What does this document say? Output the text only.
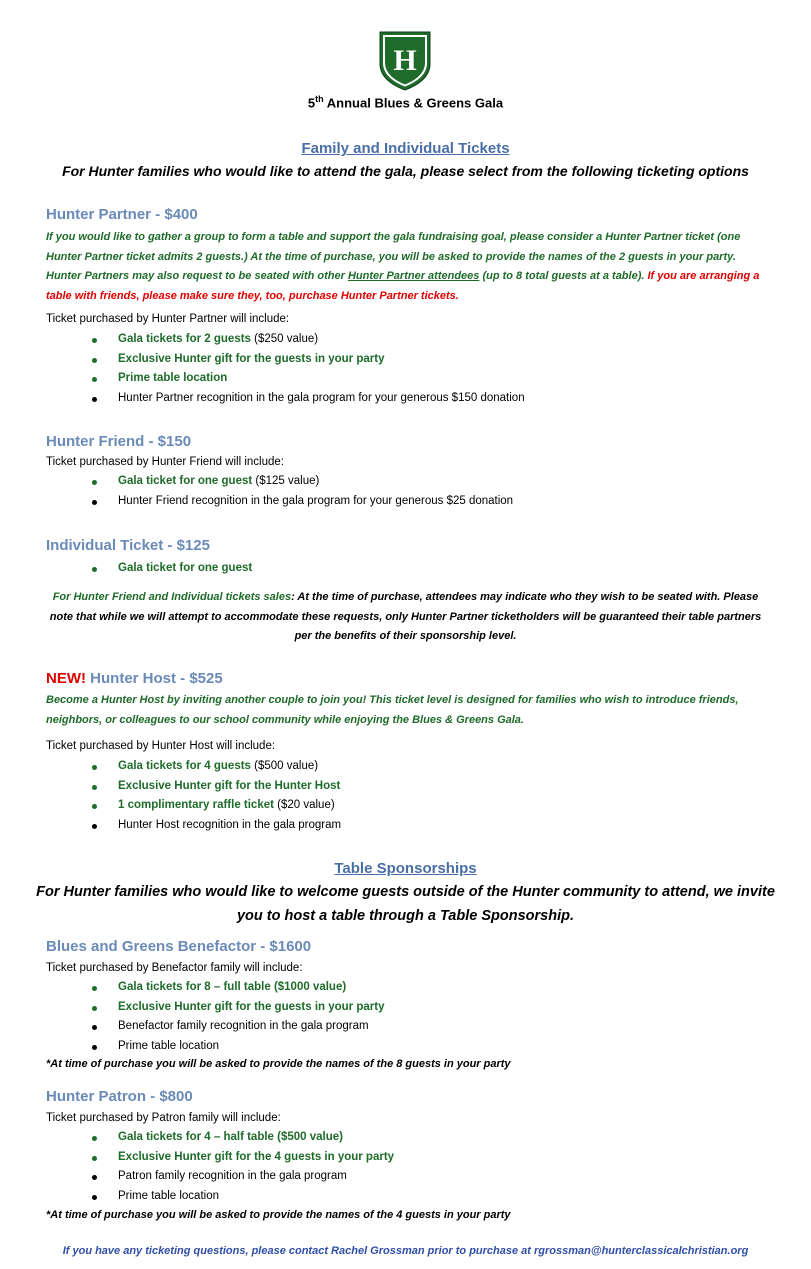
H
5th Annual Blues & Greens Gala
Family and Individual Tickets
For Hunter families who would like to attend the gala, please select from the following ticketing options
Hunter Partner - $400
If you would like to gather a group to form a table and support the gala fundraising goal, please consider a Hunter Partner ticket (one Hunter Partner ticket admits 2 guests.) At the time of purchase, you will be asked to provide the names of the 2 guests in your party. Hunter Partners may also request to be seated with other Hunter Partner attendees (up to 8 total guests at a table). If you are arranging a table with friends, please make sure they, too, purchase Hunter Partner tickets.
Ticket purchased by Hunter Partner will include:
Gala tickets for 2 guests ($250 value)
Exclusive Hunter gift for the guests in your party
Prime table location
Hunter Partner recognition in the gala program for your generous $150 donation
Hunter Friend - $150
Ticket purchased by Hunter Friend will include:
Gala ticket for one guest ($125 value)
Hunter Friend recognition in the gala program for your generous $25 donation
Individual Ticket - $125
Gala ticket for one guest
For Hunter Friend and Individual tickets sales: At the time of purchase, attendees may indicate who they wish to be seated with. Please note that while we will attempt to accommodate these requests, only Hunter Partner ticketholders will be guaranteed their table partners per the benefits of their sponsorship level.
NEW! Hunter Host - $525
Become a Hunter Host by inviting another couple to join you! This ticket level is designed for families who wish to introduce friends, neighbors, or colleagues to our school community while enjoying the Blues & Greens Gala.
Ticket purchased by Hunter Host will include:
Gala tickets for 4 guests ($500 value)
Exclusive Hunter gift for the Hunter Host
1 complimentary raffle ticket ($20 value)
Hunter Host recognition in the gala program
Table Sponsorships
For Hunter families who would like to welcome guests outside of the Hunter community to attend, we invite you to host a table through a Table Sponsorship.
Blues and Greens Benefactor - $1600
Ticket purchased by Benefactor family will include:
Gala tickets for 8 – full table ($1000 value)
Exclusive Hunter gift for the guests in your party
Benefactor family recognition in the gala program
Prime table location
*At time of purchase you will be asked to provide the names of the 8 guests in your party
Hunter Patron - $800
Ticket purchased by Patron family will include:
Gala tickets for 4 – half table ($500 value)
Exclusive Hunter gift for the 4 guests in your party
Patron family recognition in the gala program
Prime table location
*At time of purchase you will be asked to provide the names of the 4 guests in your party
If you have any ticketing questions, please contact Rachel Grossman prior to purchase at rgrossman@hunterclassicalchristian.org
